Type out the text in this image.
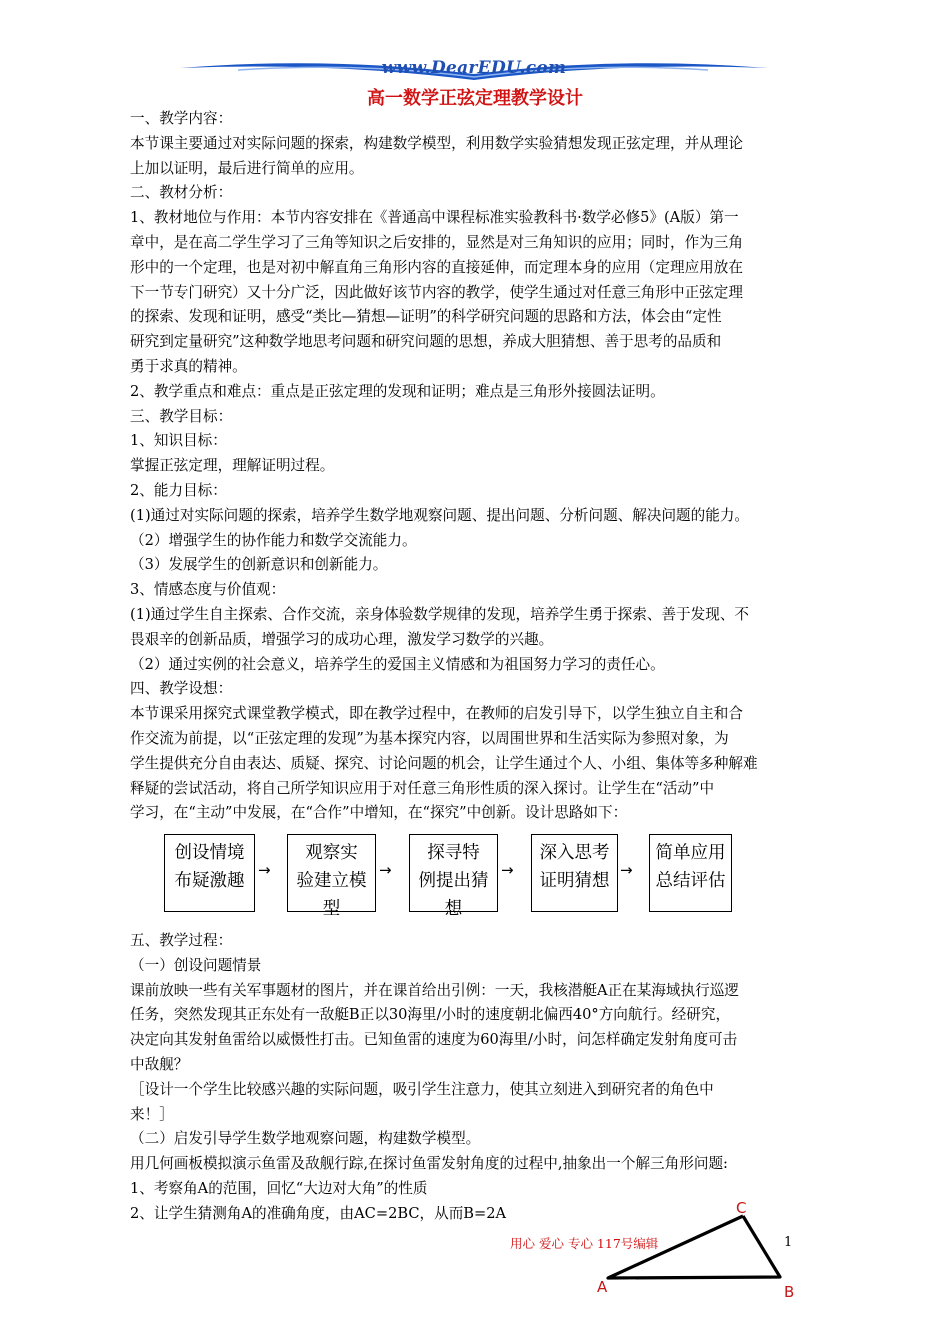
www.DearEDU.com
高一数学正弦定理教学设计
一、教学内容：
本节课主要通过对实际问题的探索，构建数学模型，利用数学实验猜想发现正弦定理，并从理论
上加以证明，最后进行简单的应用。
二、教材分析：
1、教材地位与作用：本节内容安排在《普通高中课程标准实验教科书·数学必修5》(A版）第一
章中，是在高二学生学习了三角等知识之后安排的，显然是对三角知识的应用；同时，作为三角
形中的一个定理，也是对初中解直角三角形内容的直接延伸，而定理本身的应用（定理应用放在
下一节专门研究）又十分广泛，因此做好该节内容的教学，使学生通过对任意三角形中正弦定理
的探索、发现和证明，感受“类比—猜想—证明”的科学研究问题的思路和方法，体会由“定性
研究到定量研究”这种数学地思考问题和研究问题的思想，养成大胆猜想、善于思考的品质和
勇于求真的精神。
2、教学重点和难点：重点是正弦定理的发现和证明；难点是三角形外接圆法证明。
三、教学目标：
1、知识目标：
掌握正弦定理，理解证明过程。
2、能力目标：
(1)通过对实际问题的探索，培养学生数学地观察问题、提出问题、分析问题、解决问题的能力。
（2）增强学生的协作能力和数学交流能力。
（3）发展学生的创新意识和创新能力。
3、情感态度与价值观：
(1)通过学生自主探索、合作交流，亲身体验数学规律的发现，培养学生勇于探索、善于发现、不
畏艰辛的创新品质，增强学习的成功心理，激发学习数学的兴趣。
（2）通过实例的社会意义，培养学生的爱国主义情感和为祖国努力学习的责任心。
四、教学设想：
本节课采用探究式课堂教学模式，即在教学过程中，在教师的启发引导下，以学生独立自主和合
作交流为前提，以“正弦定理的发现”为基本探究内容，以周围世界和生活实际为参照对象，为
学生提供充分自由表达、质疑、探究、讨论问题的机会，让学生通过个人、小组、集体等多种解难
释疑的尝试活动，将自己所学知识应用于对任意三角形性质的深入探讨。让学生在“活动”中
学习，在“主动”中发展，在“合作”中增知，在“探究”中创新。设计思路如下：
创设情境
布疑激趣
→
观察实
验建立模
型
→
探寻特
例提出猜
想
→
深入思考
证明猜想
→
简单应用
总结评估
五、教学过程：
（一）创设问题情景
课前放映一些有关军事题材的图片，并在课首给出引例：一天，我核潜艇A正在某海域执行巡逻
任务，突然发现其正东处有一敌艇B正以30海里/小时的速度朝北偏西40°方向航行。经研究，
决定向其发射鱼雷给以威慑性打击。已知鱼雷的速度为60海里/小时，问怎样确定发射角度可击
中敌舰？
［设计一个学生比较感兴趣的实际问题，吸引学生注意力，使其立刻进入到研究者的角色中
来！］
（二）启发引导学生数学地观察问题，构建数学模型。
用几何画板模拟演示鱼雷及敌舰行踪,在探讨鱼雷发射角度的过程中,抽象出一个解三角形问题:
1、考察角A的范围，回忆“大边对大角”的性质
2、让学生猜测角A的准确角度，由AC=2BC，从而B=2A	C
A	B
用心 爱心 专心 117号编辑	1
